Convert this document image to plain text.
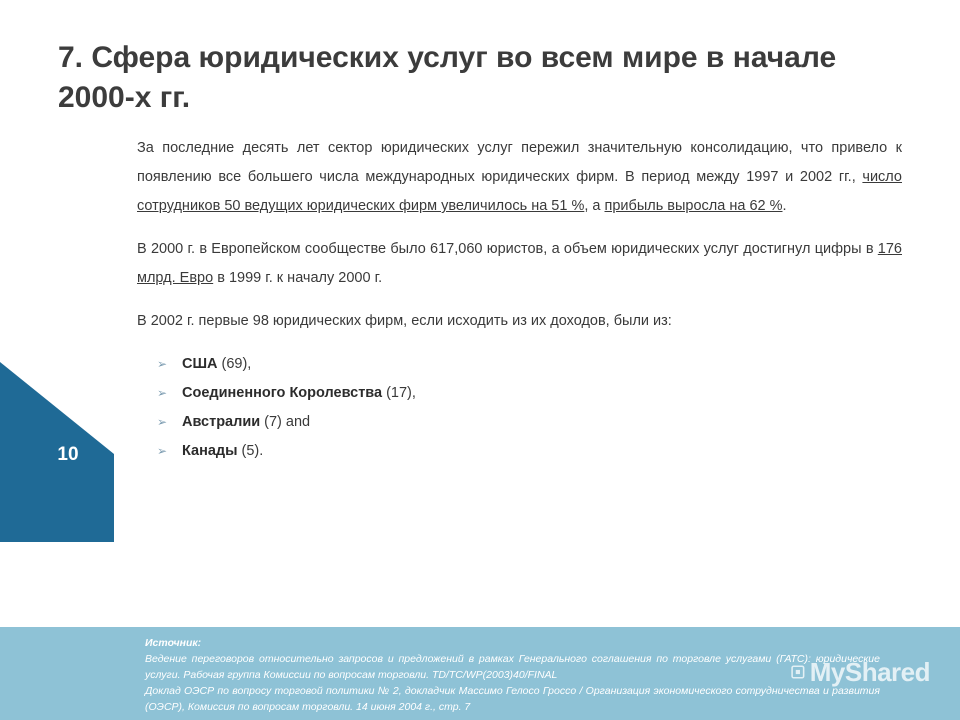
7. Сфера юридических услуг во всем мире в начале 2000-х гг.

За последние десять лет сектор юридических услуг пережил значительную консолидацию, что привело к появлению все большего числа международных юридических фирм. В период между 1997 и 2002 гг., число сотрудников 50 ведущих юридических фирм увеличилось на 51 %, а прибыль выросла на 62 %.

В 2000 г. в Европейском сообществе было 617,060 юристов, а объем юридических услуг достигнул цифры в 176 млрд. Евро в 1999 г. к началу 2000 г.

В 2002 г. первые 98 юридических фирм, если исходить из их доходов, были из:

➢ США (69),
➢ Соединенного Королевства (17),
➢ Австралии (7) and
➢ Канады (5).
10
Источник:

Ведение переговоров относительно запросов и предложений в рамках Генерального соглашения по торговле услугами (ГАТС): юридические услуги. Рабочая группа Комиссии по вопросам торговли. TD/TC/WP(2003)40/FINAL

Доклад ОЭСР по вопросу торговой политики № 2, докладчик Массимо Гелосо Гроссо / Организация экономического сотрудничества и развития (ОЭСР), Комиссия по вопросам торговли. 14 июня 2004 г., стр. 7

MyShared
